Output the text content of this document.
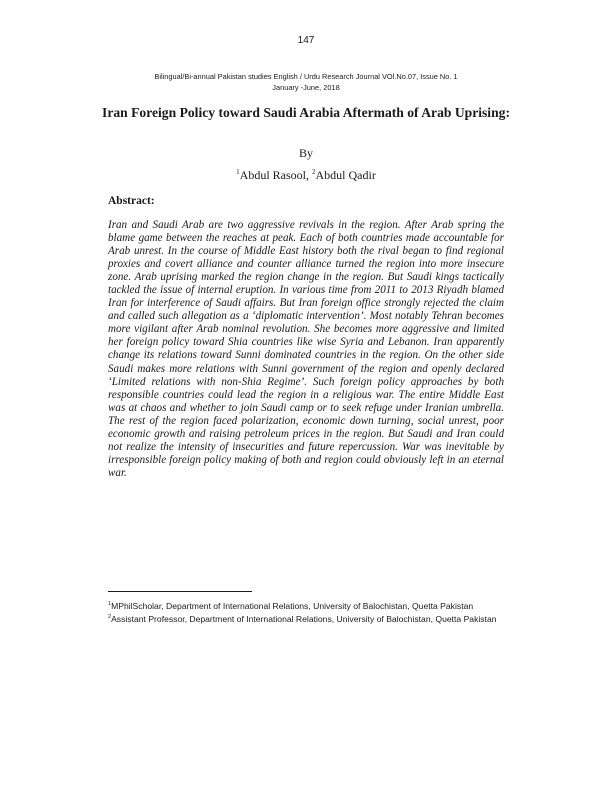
147
Bilingual/Bi-annual Pakistan studies English / Urdu Research Journal VOl.No.07, Issue No. 1
January -June, 2018
Iran Foreign Policy toward Saudi Arabia Aftermath of Arab Uprising:
By
$^1$Abdul Rasool, $^2$Abdul Qadir
Abstract:
Iran and Saudi Arab are two aggressive revivals in the region. After Arab spring the blame game between the reaches at peak. Each of both countries made accountable for Arab unrest. In the course of Middle East history both the rival began to find regional proxies and covert alliance and counter alliance turned the region into more insecure zone. Arab uprising marked the region change in the region. But Saudi kings tactically tackled the issue of internal eruption. In various time from 2011 to 2013 Riyadh blamed Iran for interference of Saudi affairs. But Iran foreign office strongly rejected the claim and called such allegation as a ‘diplomatic intervention’. Most notably Tehran becomes more vigilant after Arab nominal revolution. She becomes more aggressive and limited her foreign policy toward Shia countries like wise Syria and Lebanon. Iran apparently change its relations toward Sunni dominated countries in the region. On the other side Saudi makes more relations with Sunni government of the region and openly declared ‘Limited relations with non-Shia Regime’. Such foreign policy approaches by both responsible countries could lead the region in a religious war. The entire Middle East was at chaos and whether to join Saudi camp or to seek refuge under Iranian umbrella. The rest of the region faced polarization, economic down turning, social unrest, poor economic growth and raising petroleum prices in the region. But Saudi and Iran could not realize the intensity of insecurities and future repercussion. War was inevitable by irresponsible foreign policy making of both and region could obviously left in an eternal war.

$^1$MPhilScholar, Department of International Relations, University of Balochistan, Quetta Pakistan

$^2$Assistant Professor, Department of International Relations, University of Balochistan, Quetta Pakistan
